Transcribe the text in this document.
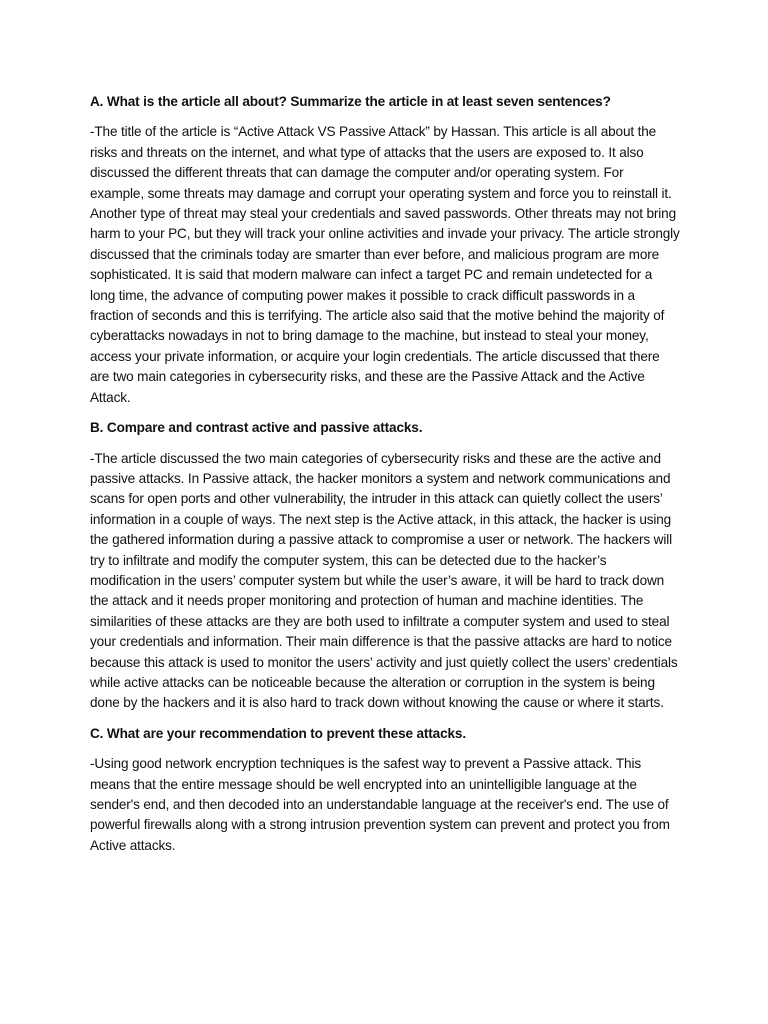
A. What is the article all about? Summarize the article in at least seven sentences?

-The title of the article is “Active Attack VS Passive Attack” by Hassan. This article is all about the risks and threats on the internet, and what type of attacks that the users are exposed to. It also discussed the different threats that can damage the computer and/or operating system. For example, some threats may damage and corrupt your operating system and force you to reinstall it. Another type of threat may steal your credentials and saved passwords. Other threats may not bring harm to your PC, but they will track your online activities and invade your privacy. The article strongly discussed that the criminals today are smarter than ever before, and malicious program are more sophisticated. It is said that modern malware can infect a target PC and remain undetected for a long time, the advance of computing power makes it possible to crack difficult passwords in a fraction of seconds and this is terrifying. The article also said that the motive behind the majority of cyberattacks nowadays in not to bring damage to the machine, but instead to steal your money, access your private information, or acquire your login credentials. The article discussed that there are two main categories in cybersecurity risks, and these are the Passive Attack and the Active Attack.

B. Compare and contrast active and passive attacks.

-The article discussed the two main categories of cybersecurity risks and these are the active and passive attacks. In Passive attack, the hacker monitors a system and network communications and scans for open ports and other vulnerability, the intruder in this attack can quietly collect the users’ information in a couple of ways. The next step is the Active attack, in this attack, the hacker is using the gathered information during a passive attack to compromise a user or network. The hackers will try to infiltrate and modify the computer system, this can be detected due to the hacker’s modification in the users’ computer system but while the user’s aware, it will be hard to track down the attack and it needs proper monitoring and protection of human and machine identities. The similarities of these attacks are they are both used to infiltrate a computer system and used to steal your credentials and information. Their main difference is that the passive attacks are hard to notice because this attack is used to monitor the users’ activity and just quietly collect the users’ credentials while active attacks can be noticeable because the alteration or corruption in the system is being done by the hackers and it is also hard to track down without knowing the cause or where it starts.

C. What are your recommendation to prevent these attacks.

-Using good network encryption techniques is the safest way to prevent a Passive attack. This means that the entire message should be well encrypted into an unintelligible language at the sender's end, and then decoded into an understandable language at the receiver's end. The use of powerful firewalls along with a strong intrusion prevention system can prevent and protect you from Active attacks.
